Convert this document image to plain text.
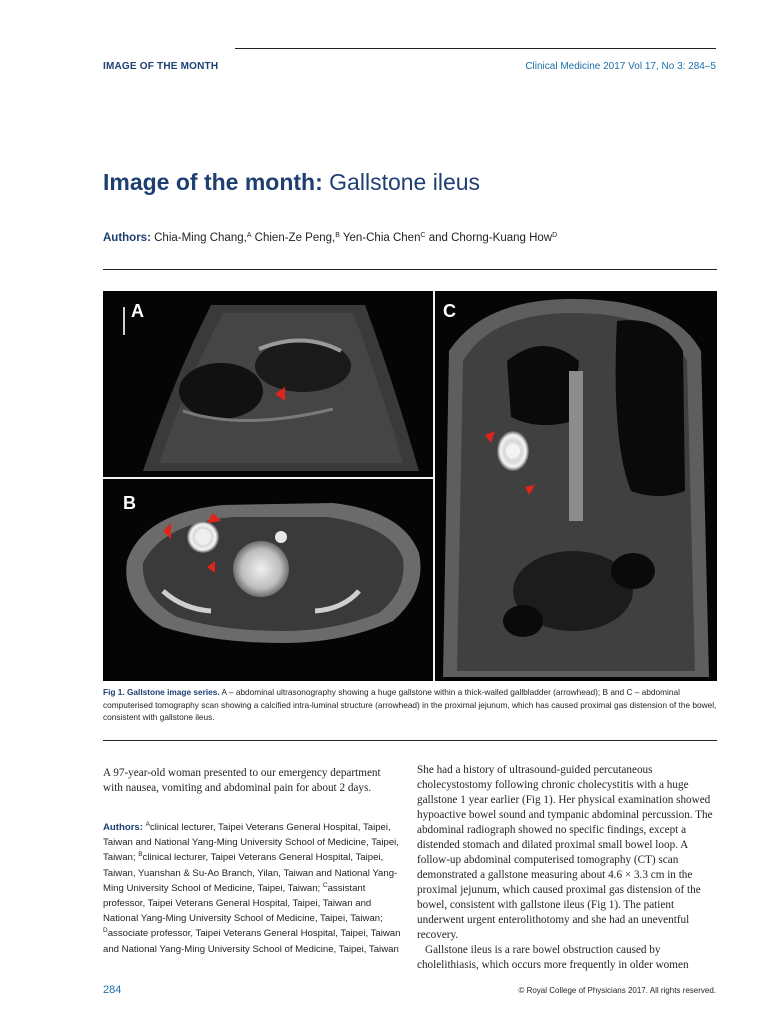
IMAGE OF THE MONTH	Clinical Medicine 2017 Vol 17, No 3: 284–5
Image of the month: Gallstone ileus
Authors: Chia-Ming Chang,$^A$ Chien-Ze Peng,$^B$ Yen-Chia Chen$^C$ and Chorng-Kuang How$^D$
A
B
C
Fig 1. Gallstone image series. A – abdominal ultrasonography showing a huge gallstone within a thick-walled gallbladder (arrowhead); B and C – abdominal computerised tomography scan showing a calcified intra-luminal structure (arrowhead) in the proximal jejunum, which has caused proximal gas distension of the bowel, consistent with gallstone ileus.
A 97-year-old woman presented to our emergency department with nausea, vomiting and abdominal pain for about 2 days.
Authors: $^A$clinical lecturer, Taipei Veterans General Hospital, Taipei, Taiwan and National Yang-Ming University School of Medicine, Taipei, Taiwan; $^B$clinical lecturer, Taipei Veterans General Hospital, Taipei, Taiwan, Yuanshan & Su-Ao Branch, Yilan, Taiwan and National Yang-Ming University School of Medicine, Taipei, Taiwan; $^C$assistant professor, Taipei Veterans General Hospital, Taipei, Taiwan and National Yang-Ming University School of Medicine, Taipei, Taiwan; $^D$associate professor, Taipei Veterans General Hospital, Taipei, Taiwan and National Yang-Ming University School of Medicine, Taipei, Taiwan

She had a history of ultrasound-guided percutaneous cholecystostomy following chronic cholecystitis with a huge gallstone 1 year earlier (Fig 1). Her physical examination showed hypoactive bowel sound and tympanic abdominal percussion. The abdominal radiograph showed no specific findings, except a distended stomach and dilated proximal small bowel loop. A follow-up abdominal computerised tomography (CT) scan demonstrated a gallstone measuring about 4.6 × 3.3 cm in the proximal jejunum, which caused proximal gas distension of the bowel, consistent with gallstone ileus (Fig 1). The patient underwent urgent enterolithotomy and she had an uneventful recovery.

Gallstone ileus is a rare bowel obstruction caused by cholelithiasis, which occurs more frequently in older women

284	© Royal College of Physicians 2017. All rights reserved.
